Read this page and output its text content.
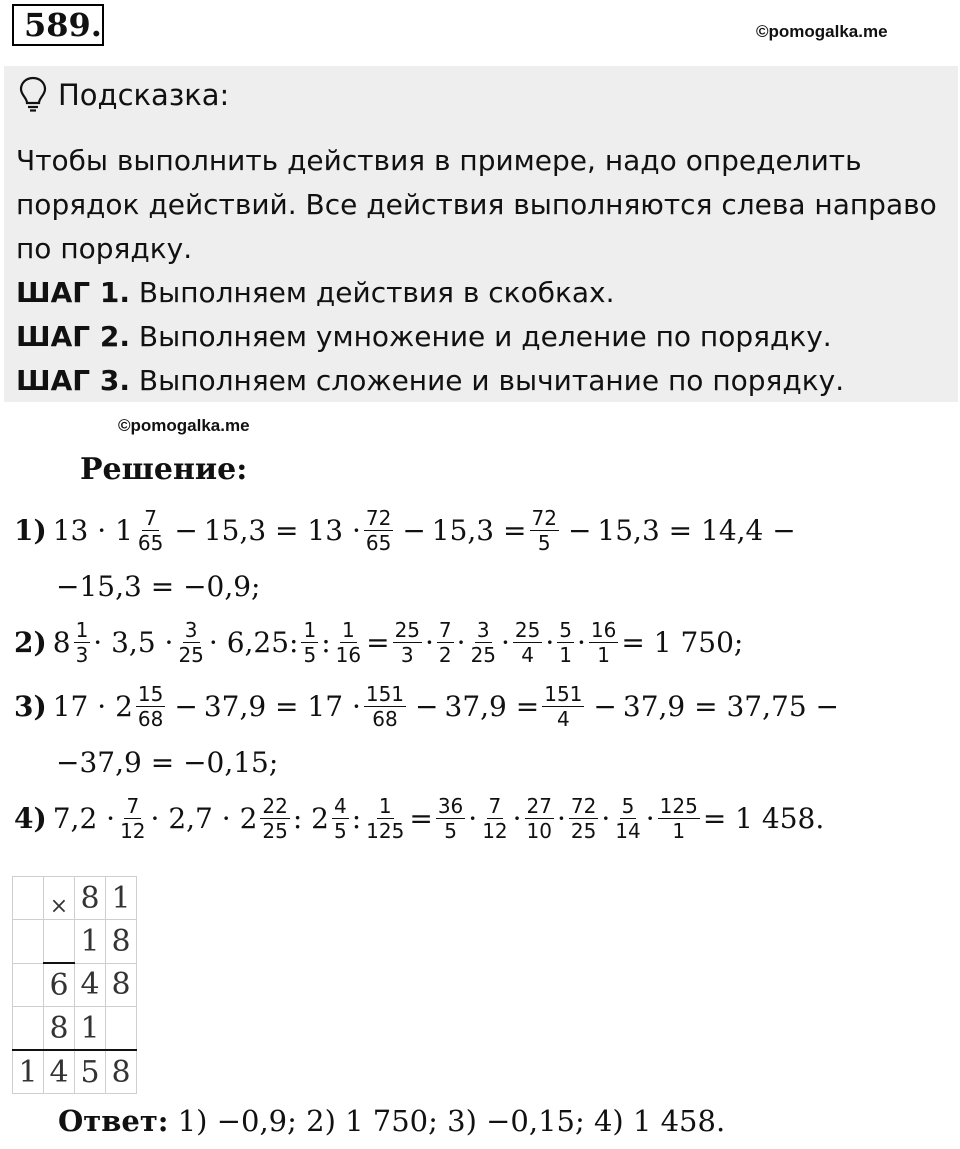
589.	©pomogalka.me
Подсказка:
Чтобы выполнить действия в примере, надо определить
порядок действий. Все действия выполняются слева направо
по порядку.
ШАГ 1. Выполняем действия в скобках.
ШАГ 2. Выполняем умножение и деление по порядку.
ШАГ 3. Выполняем сложение и вычитание по порядку.
©pomogalka.me
Решение:
1) $13 \cdot 1 \frac{7}{65} - 15,3 = 13 \cdot \frac{72}{65} - 15,3 = \frac{72}{5} - 15,3 = 14,4$ −
−15,3 = −0,9;
2) $8 \frac{1}{3} \cdot 3,5 \cdot \frac{3}{25} \cdot 6,25$: $\frac{1}{5}$ : $\frac{1}{16} = \frac{25}{3} \cdot \frac{7}{2} \cdot \frac{3}{25} \cdot \frac{25}{4} \cdot \frac{5}{1} \cdot \frac{16}{1} = 1$ 750;
3) $17 \cdot 2 \frac{15}{68} - 37,9 = 17 \cdot \frac{151}{68} - 37,9 = \frac{151}{4} - 37,9 = 37,75$ −
−37,9 = −0,15;
4) $7,2 \cdot \frac{7}{12} \cdot 2,7 \cdot 2 \frac{22}{25}$ : $2 \frac{4}{5}$ : $\frac{1}{125} = \frac{36}{5} \cdot \frac{7}{12} \cdot \frac{27}{10} \cdot \frac{72}{25} \cdot \frac{5}{14} \cdot \frac{125}{1} = 1$ 458.
	×	8	1
		1	8
	6	4	8
	8	1	
1	4	5	8
Ответ: 1) −0,9; 2) 1 750; 3) −0,15; 4) 1 458.
